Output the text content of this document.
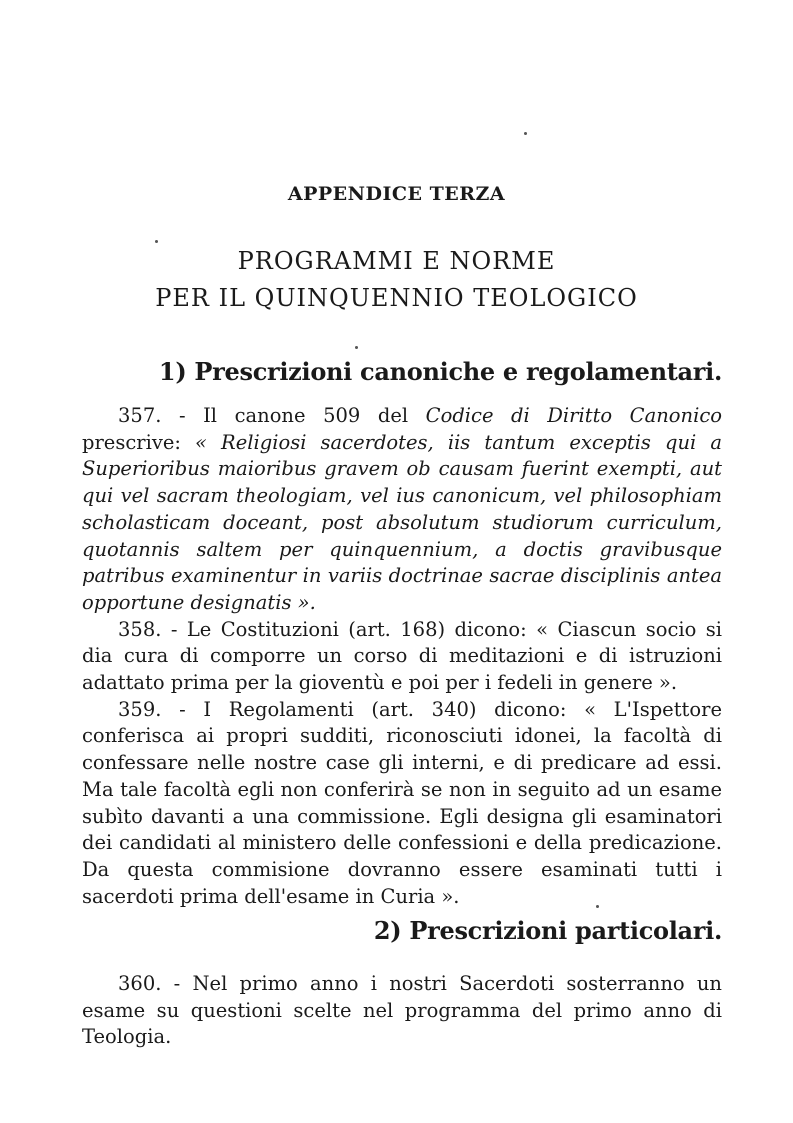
APPENDICE TERZA
PROGRAMMI E NORME
PER IL QUINQUENNIO TEOLOGICO
1) Prescrizioni canoniche e regolamentari.

357. - Il canone 509 del Codice di Diritto Canonico prescrive: « Religiosi sacerdotes, iis tantum exceptis qui a Superioribus maioribus gravem ob causam fuerint exempti, aut qui vel sacram theologiam, vel ius canonicum, vel philosophiam scholasticam doceant, post absolutum studiorum curriculum, quotannis saltem per quinquennium, a doctis gravibusque patribus examinentur in variis doctrinae sacrae disciplinis antea opportune designatis ».

358. - Le Costituzioni (art. 168) dicono: « Ciascun socio si dia cura di comporre un corso di meditazioni e di istruzioni adattato prima per la gioventù e poi per i fedeli in genere ».

359. - I Regolamenti (art. 340) dicono: « L'Ispettore conferisca ai propri sudditi, riconosciuti idonei, la facoltà di confessare nelle nostre case gli interni, e di predicare ad essi. Ma tale facoltà egli non conferirà se non in seguito ad un esame subìto davanti a una commissione. Egli designa gli esaminatori dei candidati al ministero delle confessioni e della predicazione. Da questa commisione dovranno essere esaminati tutti i sacerdoti prima dell'esame in Curia ».

2) Prescrizioni particolari.

360. - Nel primo anno i nostri Sacerdoti sosterranno un esame su questioni scelte nel programma del primo anno di Teologia.
